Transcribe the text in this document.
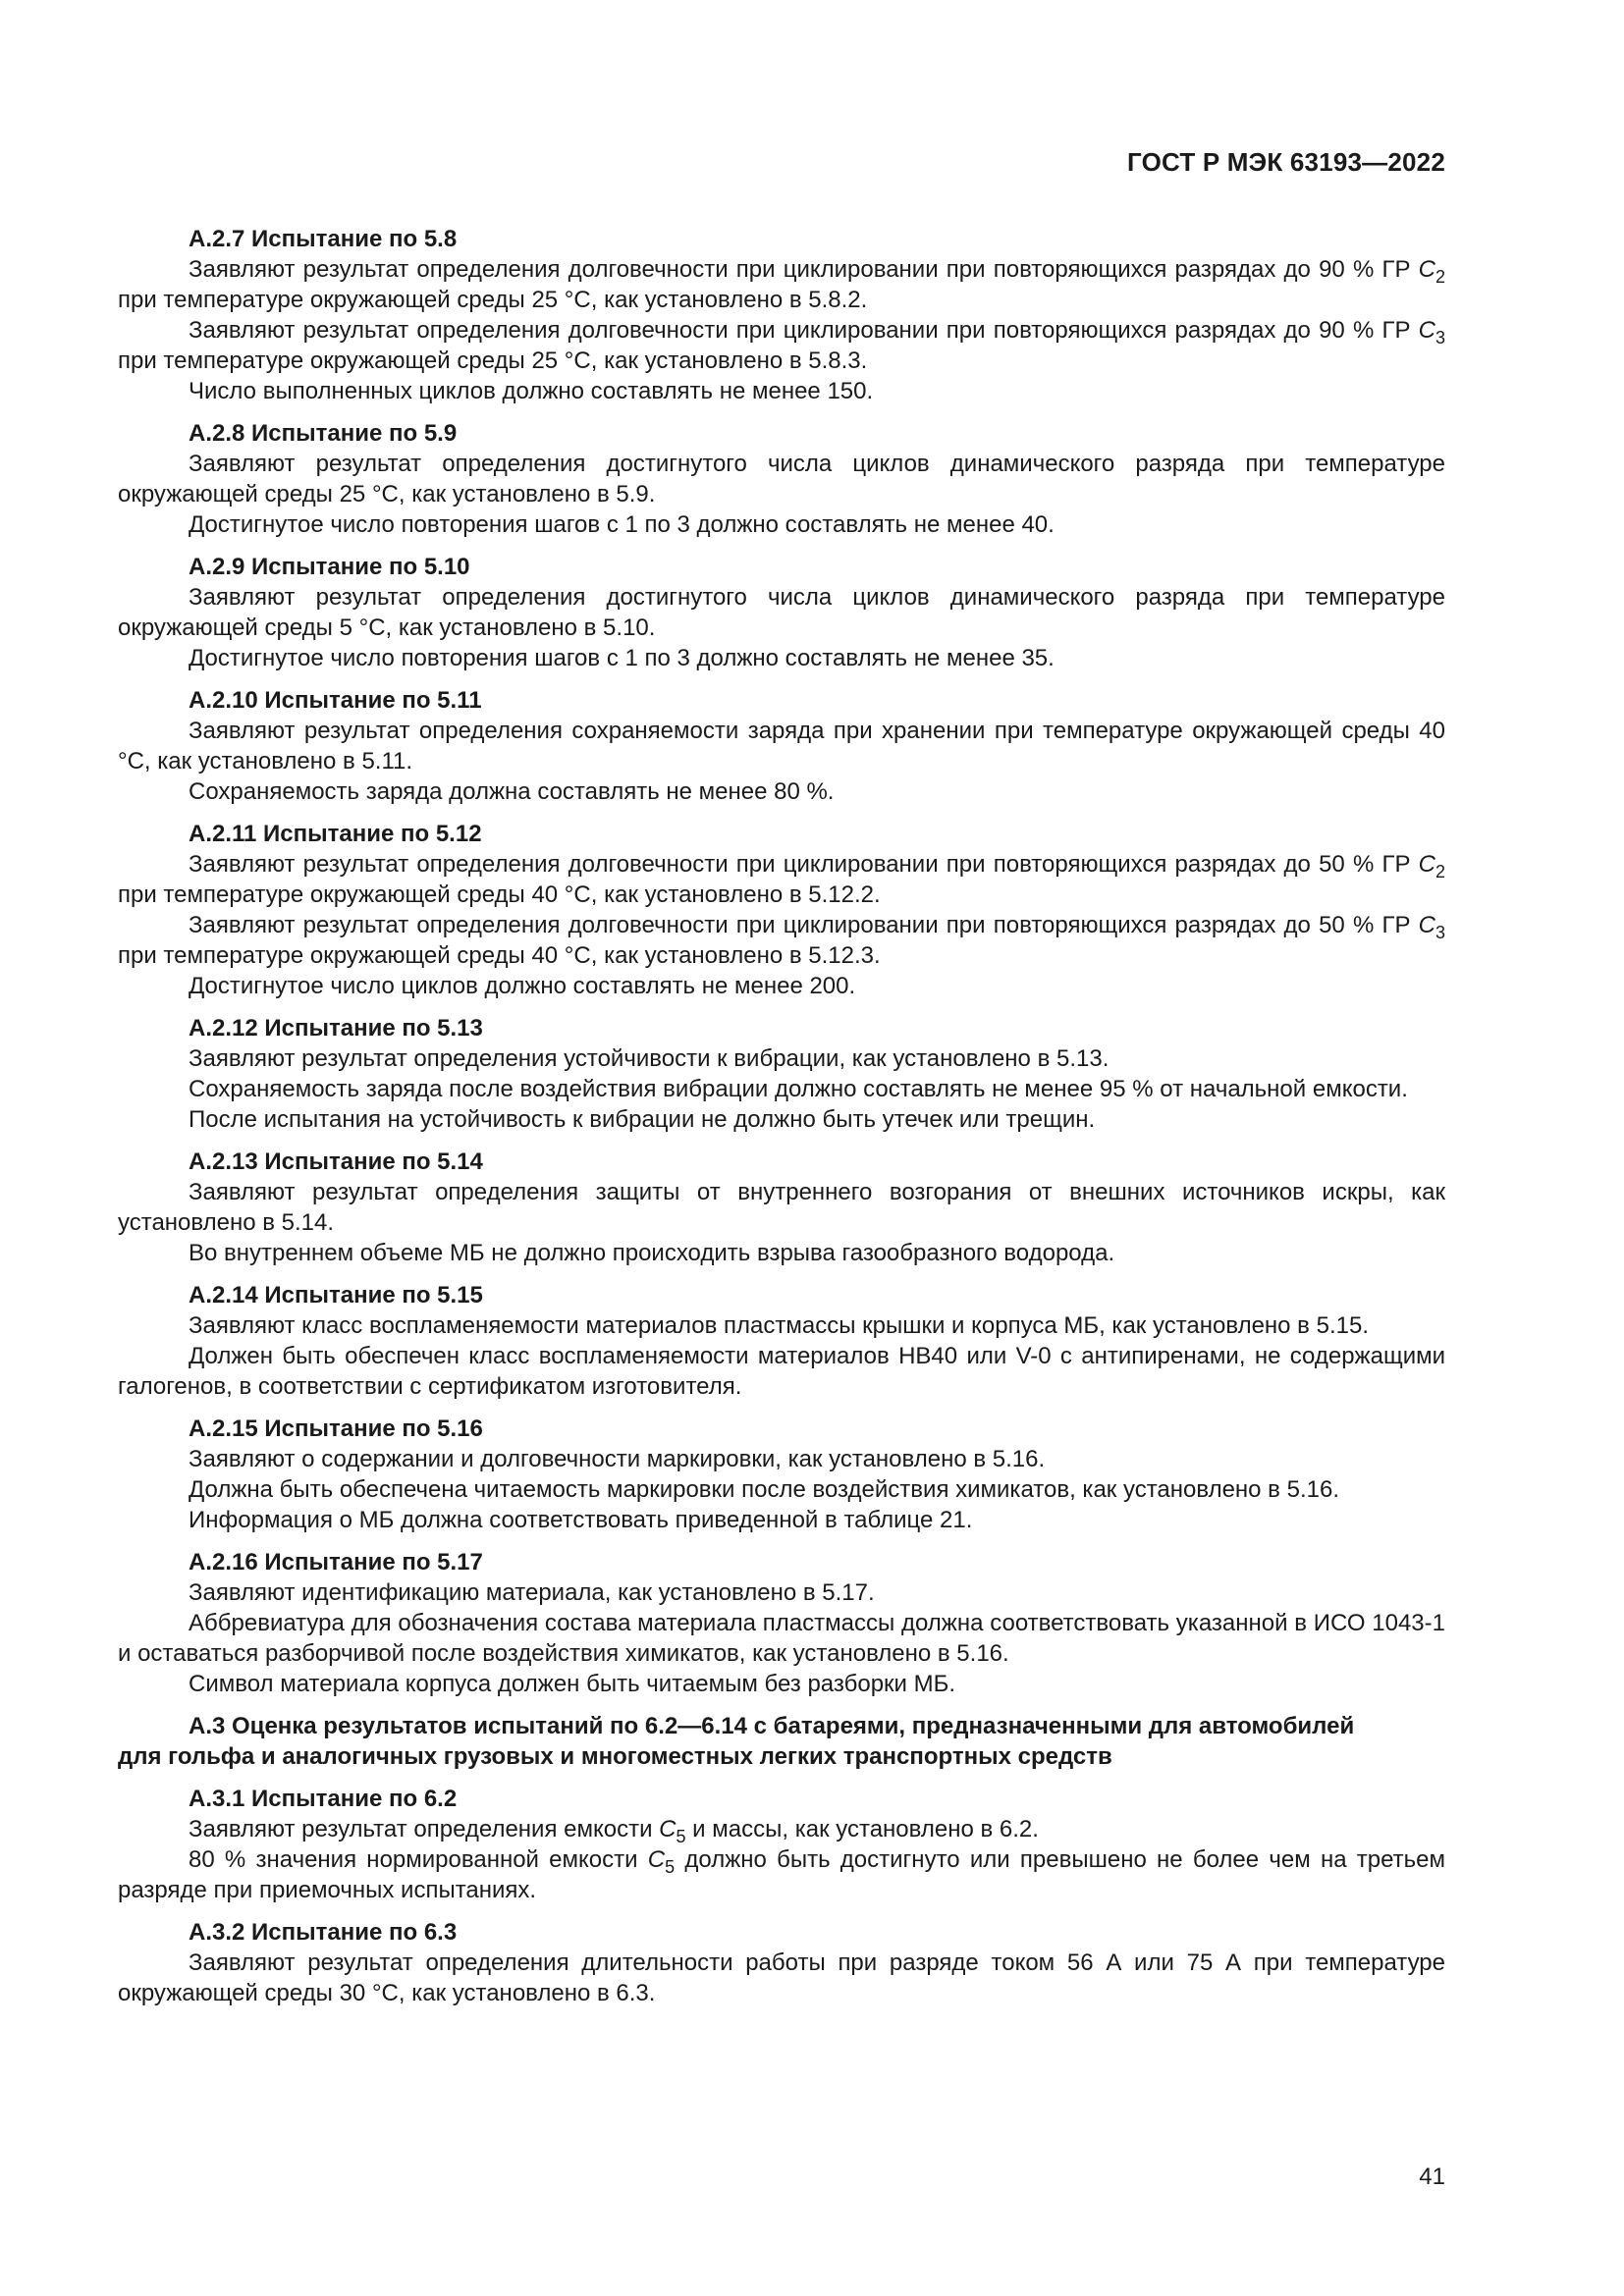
ГОСТ Р МЭК 63193—2022
А.2.7 Испытание по 5.8

Заявляют результат определения долговечности при циклировании при повторяющихся разрядах до 90 % ГР $C_2$ при температуре окружающей среды 25 °С, как установлено в 5.8.2.

Заявляют результат определения долговечности при циклировании при повторяющихся разрядах до 90 % ГР $C_3$ при температуре окружающей среды 25 °С, как установлено в 5.8.3.

Число выполненных циклов должно составлять не менее 150.

А.2.8 Испытание по 5.9

Заявляют результат определения достигнутого числа циклов динамического разряда при температуре окружающей среды 25 °С, как установлено в 5.9.

Достигнутое число повторения шагов с 1 по 3 должно составлять не менее 40.

А.2.9 Испытание по 5.10

Заявляют результат определения достигнутого числа циклов динамического разряда при температуре окружающей среды 5 °С, как установлено в 5.10.

Достигнутое число повторения шагов с 1 по 3 должно составлять не менее 35.

А.2.10 Испытание по 5.11

Заявляют результат определения сохраняемости заряда при хранении при температуре окружающей среды 40 °С, как установлено в 5.11.

Сохраняемость заряда должна составлять не менее 80 %.

А.2.11 Испытание по 5.12

Заявляют результат определения долговечности при циклировании при повторяющихся разрядах до 50 % ГР $C_2$ при температуре окружающей среды 40 °С, как установлено в 5.12.2.

Заявляют результат определения долговечности при циклировании при повторяющихся разрядах до 50 % ГР $C_3$ при температуре окружающей среды 40 °С, как установлено в 5.12.3.

Достигнутое число циклов должно составлять не менее 200.

А.2.12 Испытание по 5.13

Заявляют результат определения устойчивости к вибрации, как установлено в 5.13.

Сохраняемость заряда после воздействия вибрации должно составлять не менее 95 % от начальной емкости.

После испытания на устойчивость к вибрации не должно быть утечек или трещин.

А.2.13 Испытание по 5.14

Заявляют результат определения защиты от внутреннего возгорания от внешних источников искры, как установлено в 5.14.

Во внутреннем объеме МБ не должно происходить взрыва газообразного водорода.

А.2.14 Испытание по 5.15

Заявляют класс воспламеняемости материалов пластмассы крышки и корпуса МБ, как установлено в 5.15.

Должен быть обеспечен класс воспламеняемости материалов НВ40 или V-0 с антипиренами, не содержащими галогенов, в соответствии с сертификатом изготовителя.

А.2.15 Испытание по 5.16

Заявляют о содержании и долговечности маркировки, как установлено в 5.16.

Должна быть обеспечена читаемость маркировки после воздействия химикатов, как установлено в 5.16.

Информация о МБ должна соответствовать приведенной в таблице 21.

А.2.16 Испытание по 5.17

Заявляют идентификацию материала, как установлено в 5.17.

Аббревиатура для обозначения состава материала пластмассы должна соответствовать указанной в ИСО 1043-1 и оставаться разборчивой после воздействия химикатов, как установлено в 5.16.

Символ материала корпуса должен быть читаемым без разборки МБ.

А.3 Оценка результатов испытаний по 6.2—6.14 с батареями, предназначенными для автомобилей
для гольфа и аналогичных грузовых и многоместных легких транспортных средств
А.3.1 Испытание по 6.2

Заявляют результат определения емкости $C_5$ и массы, как установлено в 6.2.

80 % значения нормированной емкости $C_5$ должно быть достигнуто или превышено не более чем на третьем разряде при приемочных испытаниях.

А.3.2 Испытание по 6.3

Заявляют результат определения длительности работы при разряде током 56 А или 75 А при температуре окружающей среды 30 °С, как установлено в 6.3.

41
